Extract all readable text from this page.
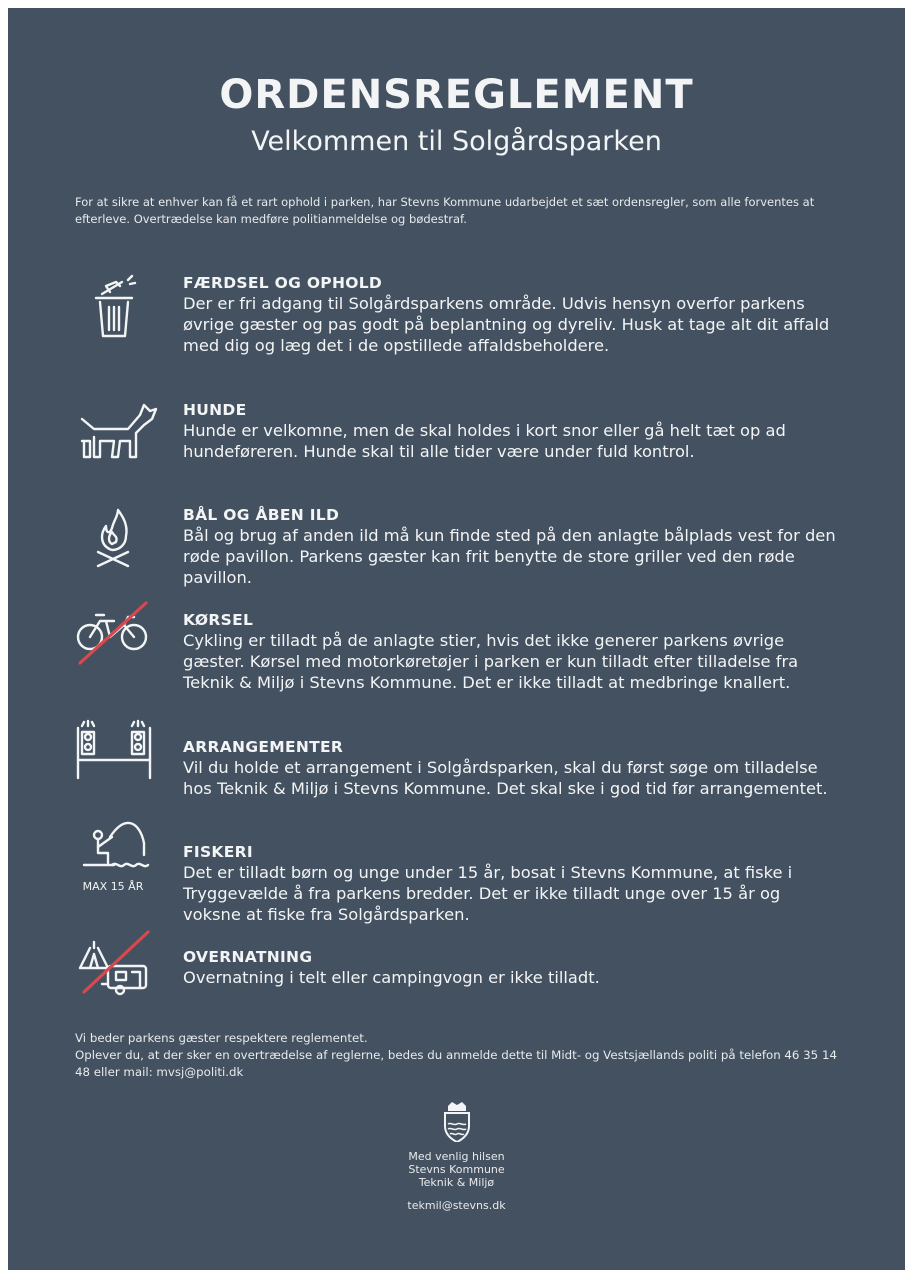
ORDENSREGLEMENT
Velkommen til Solgårdsparken

For at sikre at enhver kan få et rart ophold i parken, har Stevns Kommune udarbejdet et sæt ordensregler, som alle forventes at efterleve. Overtrædelse kan medføre politianmeldelse og bødestraf.

FÆRDSEL OG OPHOLD

Der er fri adgang til Solgårdsparkens område. Udvis hensyn overfor parkens øvrige gæster og pas godt på beplantning og dyreliv. Husk at tage alt dit affald med dig og læg det i de opstillede affaldsbeholdere.

HUNDE

Hunde er velkomne, men de skal holdes i kort snor eller gå helt tæt op ad hundeføreren. Hunde skal til alle tider være under fuld kontrol.

BÅL OG ÅBEN ILD

Bål og brug af anden ild må kun finde sted på den anlagte bålplads vest for den røde pavillon. Parkens gæster kan frit benytte de store griller ved den røde pavillon.

KØRSEL

Cykling er tilladt på de anlagte stier, hvis det ikke generer parkens øvrige gæster. Kørsel med motorkøretøjer i parken er kun tilladt efter tilladelse fra Teknik & Miljø i Stevns Kommune. Det er ikke tilladt at medbringe knallert.

ARRANGEMENTER

Vil du holde et arrangement i Solgårdsparken, skal du først søge om tilladelse hos Teknik & Miljø i Stevns Kommune. Det skal ske i god tid før arrangementet.

MAX 15 ÅR
FISKERI

Det er tilladt børn og unge under 15 år, bosat i Stevns Kommune, at fiske i Tryggevælde å fra parkens bredder. Det er ikke tilladt unge over 15 år og voksne at fiske fra Solgårdsparken.

OVERNATNING

Overnatning i telt eller campingvogn er ikke tilladt.

Vi beder parkens gæster respektere reglementet.

Oplever du, at der sker en overtrædelse af reglerne, bedes du anmelde dette til Midt- og Vestsjællands politi på telefon 46 35 14 48 eller mail: mvsj@politi.dk

Med venlig hilsen
Stevns Kommune
Teknik & Miljø
tekmil@stevns.dk
